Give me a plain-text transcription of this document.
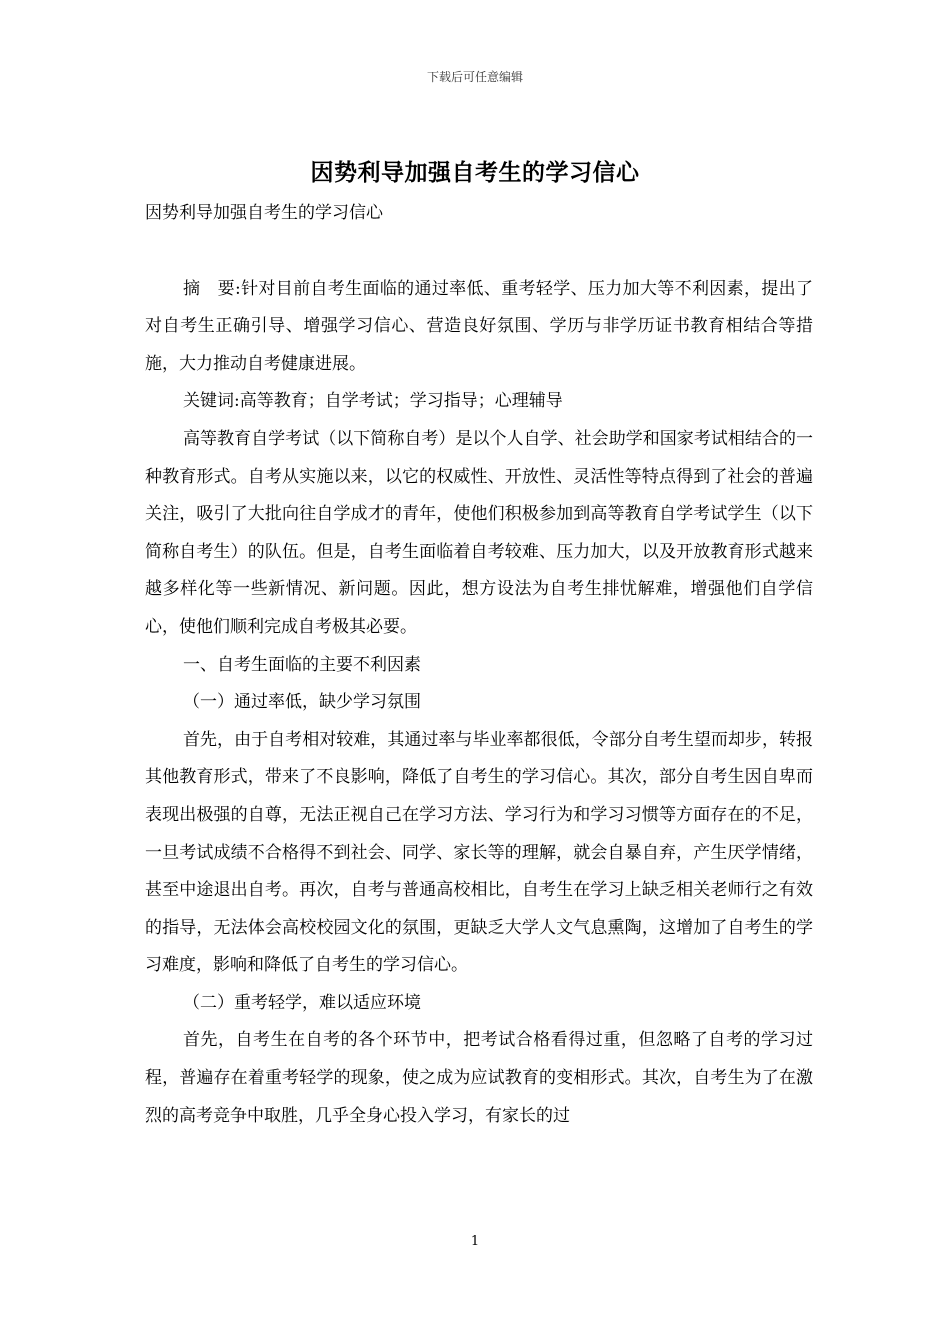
下载后可任意编辑
因势利导加强自考生的学习信心

因势利导加强自考生的学习信心

摘　要:针对目前自考生面临的通过率低、重考轻学、压力加大等不利因素，提出了对自考生正确引导、增强学习信心、营造良好氛围、学历与非学历证书教育相结合等措施，大力推动自考健康进展。

关键词:高等教育；自学考试；学习指导；心理辅导

高等教育自学考试（以下简称自考）是以个人自学、社会助学和国家考试相结合的一种教育形式。自考从实施以来，以它的权威性、开放性、灵活性等特点得到了社会的普遍关注，吸引了大批向往自学成才的青年，使他们积极参加到高等教育自学考试学生（以下简称自考生）的队伍。但是，自考生面临着自考较难、压力加大，以及开放教育形式越来越多样化等一些新情况、新问题。因此，想方设法为自考生排忧解难，增强他们自学信心，使他们顺利完成自考极其必要。

一、自考生面临的主要不利因素

（一）通过率低，缺少学习氛围

首先，由于自考相对较难，其通过率与毕业率都很低，令部分自考生望而却步，转报其他教育形式，带来了不良影响，降低了自考生的学习信心。其次，部分自考生因自卑而表现出极强的自尊，无法正视自己在学习方法、学习行为和学习习惯等方面存在的不足，一旦考试成绩不合格得不到社会、同学、家长等的理解，就会自暴自弃，产生厌学情绪，甚至中途退出自考。再次，自考与普通高校相比，自考生在学习上缺乏相关老师行之有效的指导，无法体会高校校园文化的氛围，更缺乏大学人文气息熏陶，这增加了自考生的学习难度，影响和降低了自考生的学习信心。

（二）重考轻学，难以适应环境

首先，自考生在自考的各个环节中，把考试合格看得过重，但忽略了自考的学习过程，普遍存在着重考轻学的现象，使之成为应试教育的变相形式。其次，自考生为了在激烈的高考竞争中取胜，几乎全身心投入学习，有家长的过

1
